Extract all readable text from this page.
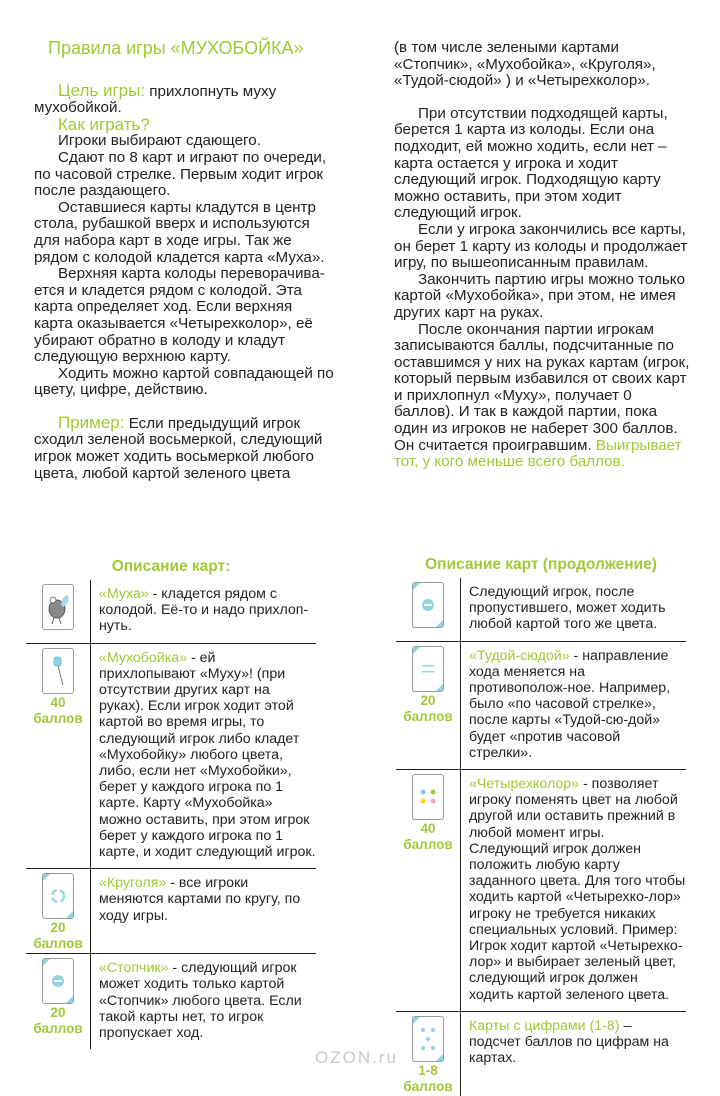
Правила игры «МУХОБОЙКА»

Цель игры: прихлопнуть муху мухобойкой.

Как играть?

Игроки выбирают сдающего.

Сдают по 8 карт и играют по очереди, по часовой стрелке. Первым ходит игрок после раздающего.

Оставшиеся карты кладутся в центр стола, рубашкой вверх и используются для набора карт в ходе игры. Так же рядом с колодой кладется карта «Муха».

Верхняя карта колоды переворачива-ется и кладется рядом с колодой. Эта карта определяет ход. Если верхняя карта оказывается «Четырехколор», её убирают обратно в колоду и кладут следующую верхнюю карту.

Ходить можно картой совпадающей по цвету, цифре, действию.

Пример: Если предыдущий игрок сходил зеленой восьмеркой, следующий игрок может ходить восьмеркой любого цвета, любой картой зеленого цвета

(в том числе зелеными картами «Стопчик», «Мухобойка», «Круголя», «Тудой-сюдой» ) и «Четырехколор».

При отсутствии подходящей карты, берется 1 карта из колоды. Если она подходит, ей можно ходить, если нет – карта остается у игрока и ходит следующий игрок. Подходящую карту можно оставить, при этом ходит следующий игрок.

Если у игрока закончились все карты, он берет 1 карту из колоды и продолжает игру, по вышеописанным правилам.

Закончить партию игры можно только картой «Мухобойка», при этом, не имея других карт на руках.

После окончания партии игрокам записываются баллы, подсчитанные по оставшимся у них на руках картам (игрок, который первым избавился от своих карт и прихлопнул «Муху», получает 0 баллов). И так в каждой партии, пока один из игроков не наберет 300 баллов. Он считается проигравшим. Выигрывает тот, у кого меньше всего баллов.

Описание карт:
	«Муха» - кладется рядом с колодой. Её-то и надо прихлоп-нуть.

40
баллов	«Мухобойка» - ей прихлопывают «Муху»! (при отсутствии других карт на руках). Если игрок ходит этой картой во время игры, то следующий игрок либо кладет «Мухобойку» любого цвета, либо, если нет «Мухобойки», берет у каждого игрока по 1 карте. Карту «Мухобойка» можно оставить, при этом игрок берет у каждого игрока по 1 карте, и ходит следующий игрок.

20
баллов	«Круголя» - все игроки меняются картами по кругу, по ходу игры.

20
баллов	«Стопчик» - следующий игрок может ходить только картой «Стопчик» любого цвета. Если такой карты нет, то игрок пропускает ход.
Описание карт (продолжение)
	Следующий игрок, после пропустившего, может ходить любой картой того же цвета.

20
баллов	«Тудой-сюдой» - направление хода меняется на противополож-ное. Например, было «по часовой стрелке», после карты «Тудой-сю-дой» будет «против часовой стрелки».

40
баллов	«Четырехколор» - позволяет игроку поменять цвет на любой другой или оставить прежний в любой момент игры. Следующий игрок должен положить любую карту заданного цвета. Для того чтобы ходить картой «Четырехко-лор» игроку не требуется никаких специальных условий. Пример: Игрок ходит картой «Четырехко-лор» и выбирает зеленый цвет, следующий игрок должен ходить картой зеленого цвета.

1-8
баллов	Карты с цифрами (1-8) – подсчет баллов по цифрам на картах.
OZON.ru
